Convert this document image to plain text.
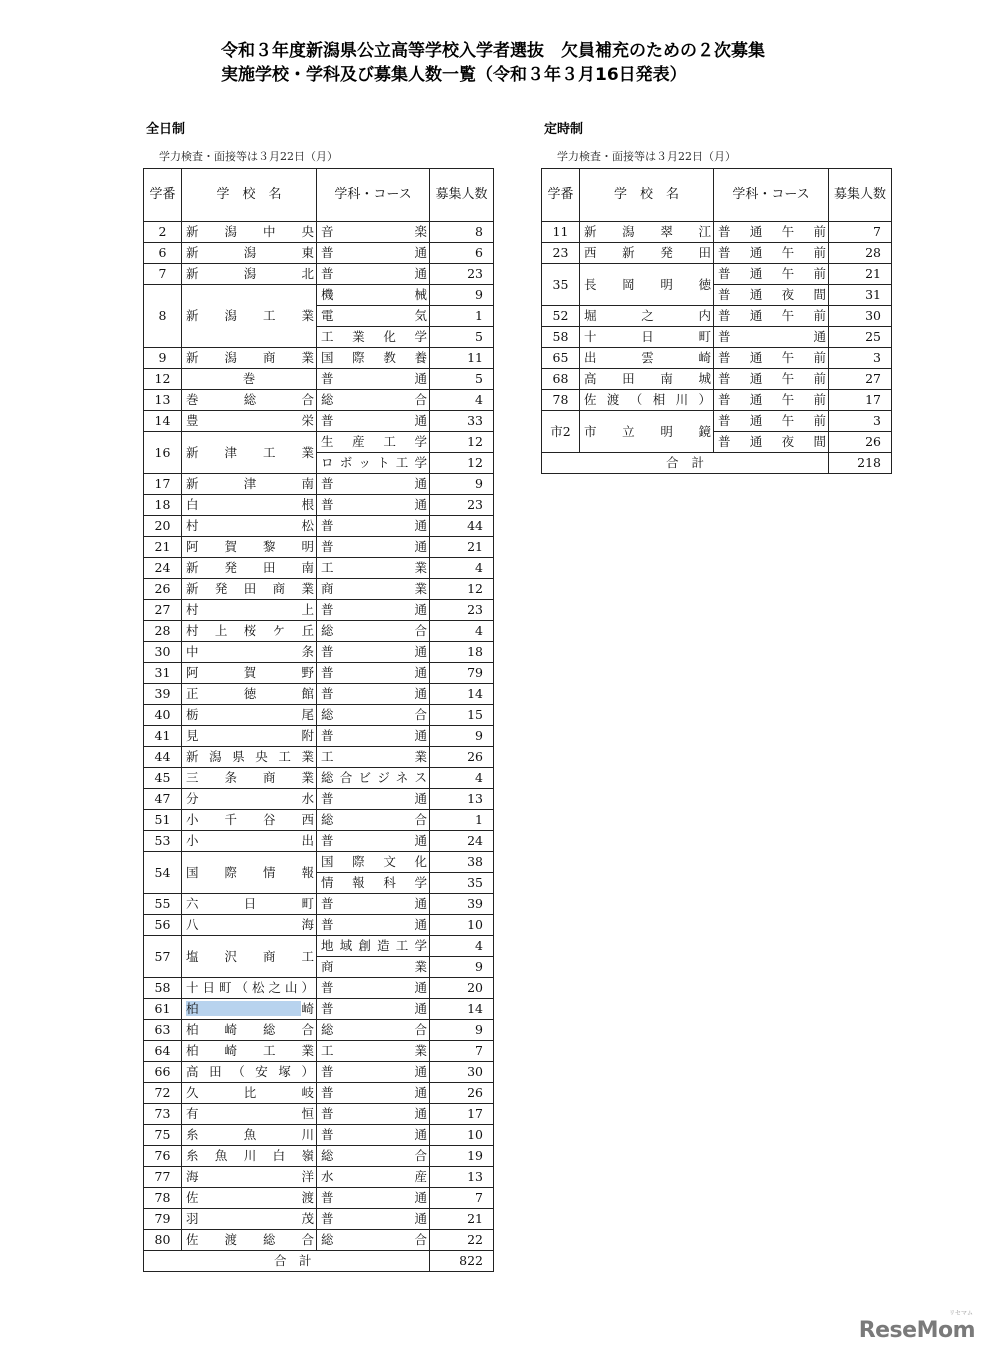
令和３年度新潟県公立高等学校入学者選抜　欠員補充のための２次募集
実施学校・学科及び募集人数一覧（令和３年３月16日発表）
全日制
学力検査・面接等は３月22日（月）
定時制
学力検査・面接等は３月22日（月）
学番	学　校　名	学科・コース	募集人数
2	新潟中央	音楽	8
6	新潟東	普通	6
7	新潟北	普通	23
8	新潟工業	機械	9
		電気	1
		工業化学	5
9	新潟商業	国際教養	11
12	巻	普通	5
13	巻総合	総合	4
14	豊栄	普通	33
16	新津工業	生産工学	12
		ロボット工学	12
17	新津南	普通	9
18	白根	普通	23
20	村松	普通	44
21	阿賀黎明	普通	21
24	新発田南	工業	4
26	新発田商業	商業	12
27	村上	普通	23
28	村上桜ケ丘	総合	4
30	中条	普通	18
31	阿賀野	普通	79
39	正徳館	普通	14
40	栃尾	総合	15
41	見附	普通	9
44	新潟県央工業	工業	26
45	三条商業	総合ビジネス	4
47	分水	普通	13
51	小千谷西	総合	1
53	小出	普通	24
54	国際情報	国際文化	38
		情報科学	35
55	六日町	普通	39
56	八海	普通	10
57	塩沢商工	地域創造工学	4
		商業	9
58	十日町（松之山）	普通	20
61	柏崎	普通	14
63	柏崎総合	総合	9
64	柏崎工業	工業	7
66	高田（安塚）	普通	30
72	久比岐	普通	26
73	有恒	普通	17
75	糸魚川	普通	10
76	糸魚川白嶺	総合	19
77	海洋	水産	13
78	佐渡	普通	7
79	羽茂	普通	21
80	佐渡総合	総合	22
合　計			822
学番	学　校　名	学科・コース	募集人数
11	新潟翠江	普通午前	7
23	西新発田	普通午前	28
35	長岡明徳	普通午前	21
		普通夜間	31
52	堀之内	普通午前	30
58	十日町	普通	25
65	出雲崎	普通午前	3
68	高田南城	普通午前	27
78	佐渡（相川）	普通午前	17
市2	市立明鏡	普通午前	3
		普通夜間	26
合　計			218
リセマム
ReseMom
